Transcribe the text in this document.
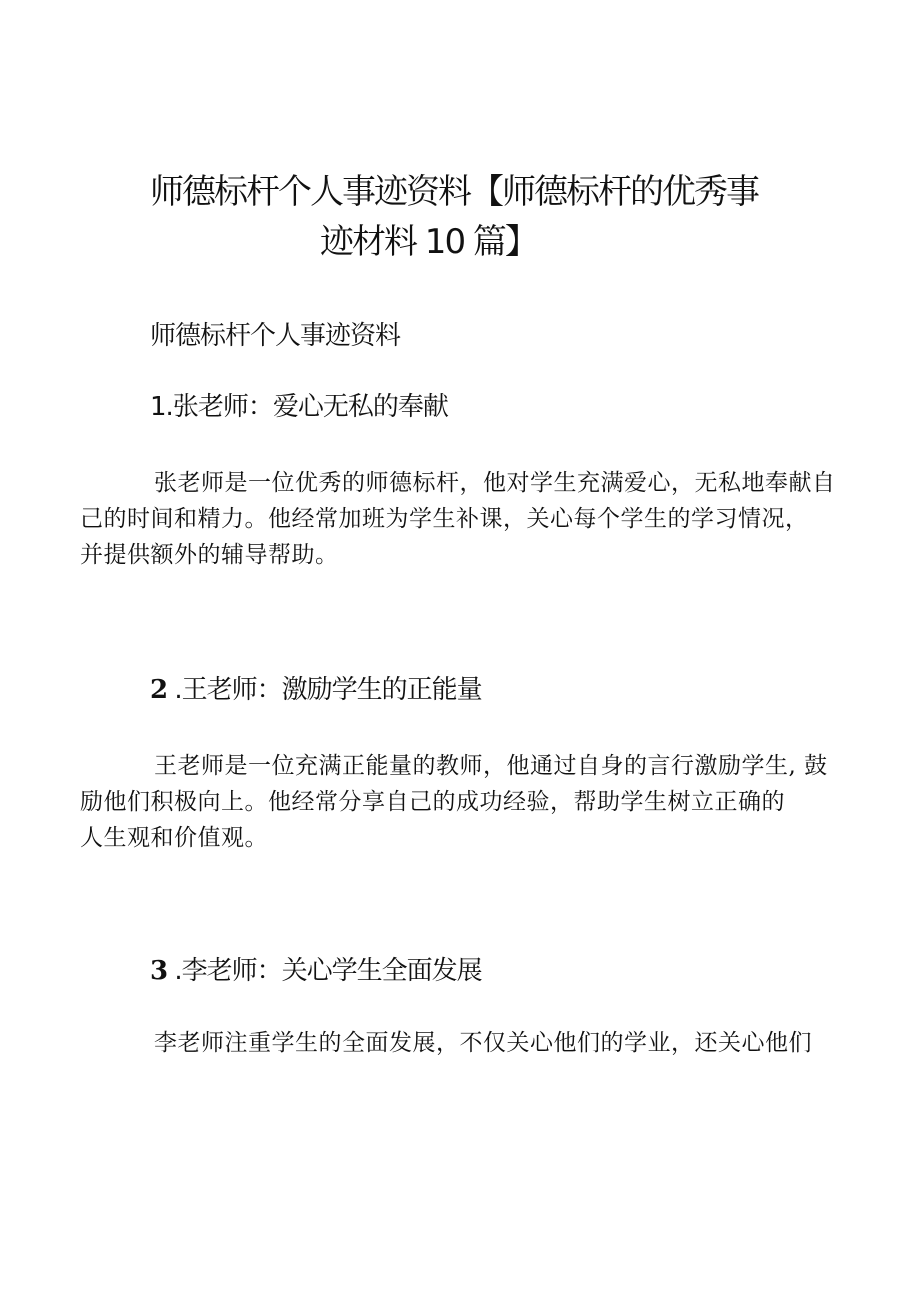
师德标杆个人事迹资料【师德标杆的优秀事
迹材料 10 篇】
师德标杆个人事迹资料
1.张老师：爱心无私的奉献
张老师是一位优秀的师德标杆，他对学生充满爱心，无私地奉献自
己的时间和精力。他经常加班为学生补课，关心每个学生的学习情况，
并提供额外的辅导帮助。
2 .王老师：激励学生的正能量
王老师是一位充满正能量的教师，他通过自身的言行激励学生, 鼓
励他们积极向上。他经常分享自己的成功经验，帮助学生树立正确的
人生观和价值观。
3 .李老师：关心学生全面发展
李老师注重学生的全面发展，不仅关心他们的学业，还关心他们
